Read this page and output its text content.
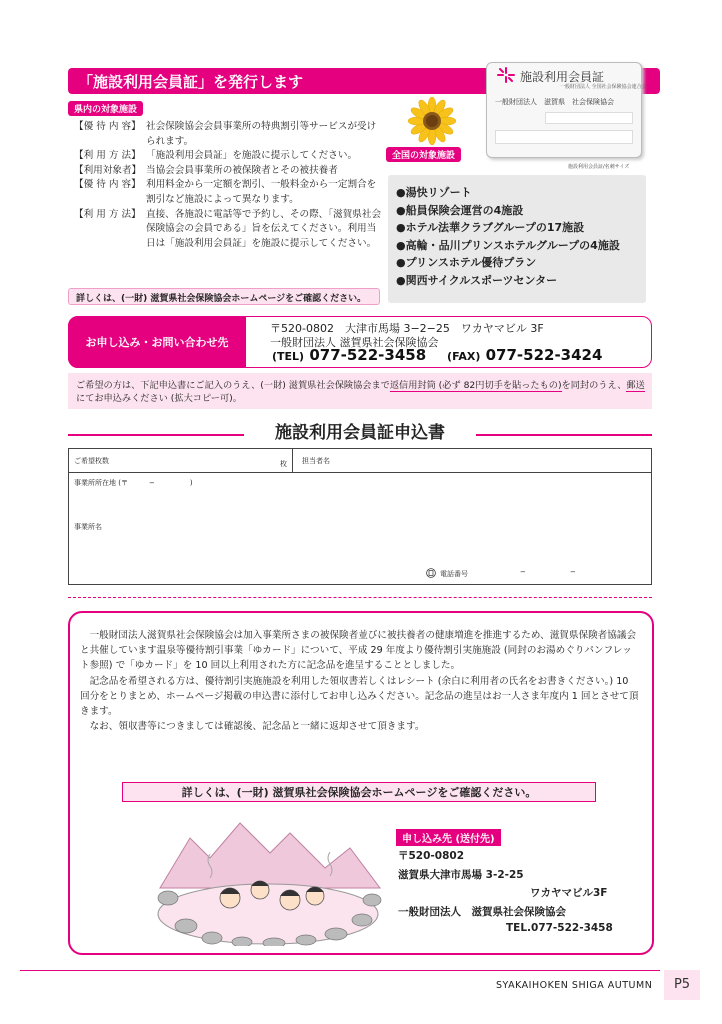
「施設利用会員証」を発行します
県内の対象施設
【優 待 内 容】 社会保険協会会員事業所の特典割引等サービスが受けられます。
【利 用 方 法】 「施設利用会員証」を施設に提示してください。
【利用対象者】 当協会会員事業所の被保険者とその被扶養者
【優 待 内 容】 利用料金から一定額を割引、一般料金から一定割合を割引など施設によって異なります。
【利 用 方 法】 直接、各施設に電話等で予約し、その際、「滋賀県社会保険協会の会員である」旨を伝えてください。利用当日は「施設利用会員証」を施設に提示してください。
詳しくは、(一財) 滋賀県社会保険協会ホームページをご確認ください。
施設利用会員証
一般財団法人 全国社会保険協会連合会
一般財団法人　滋賀県　社会保険協会
施設利用会員証/名刺サイズ
全国の対象施設
●湯快リゾート
●船員保険会運営の4施設
●ホテル法華クラブグループの17施設
●高輪・品川プリンスホテルグループの4施設
●プリンスホテル優待プラン
●関西サイクルスポーツセンター
お申し込み・お問い合わせ先
〒520-0802　大津市馬場 3−2−25　ワカヤマビル 3F
一般財団法人 滋賀県社会保険協会
(TEL) 077-522-3458 (FAX) 077-522-3424
ご希望の方は、下記申込書にご記入のうえ、(一財) 滋賀県社会保険協会まで返信用封筒 (必ず 82円切手を貼ったもの)を同封のうえ、郵送にてお申込みください (拡大コピー可)。
施設利用会員証申込書
ご希望枚数	枚 担当者名
事業所所在地 (〒　　　−　　　　　)
事業所名
電話番号	−	−

一般財団法人滋賀県社会保険協会は加入事業所さまの被保険者並びに被扶養者の健康増進を推進するため、滋賀県保険者協議会と共催しています温泉等優待割引事業「ゆカード」について、平成 29 年度より優待割引実施施設 (同封のお湯めぐりパンフレット参照) で「ゆカード」を 10 回以上利用された方に記念品を進呈することとしました。

記念品を希望される方は、優待割引実施施設を利用した領収書若しくはレシート (余白に利用者の氏名をお書きください。) 10 回分をとりまとめ、ホームページ掲載の申込書に添付してお申し込みください。記念品の進呈はお一人さま年度内 1 回とさせて頂きます。

なお、領収書等につきましては確認後、記念品と一緒に返却させて頂きます。

詳しくは、(一財) 滋賀県社会保険協会ホームページをご確認ください。
申し込み先 (送付先)
〒520-0802
滋賀県大津市馬場 3-2-25
ワカヤマビル3F
一般財団法人　滋賀県社会保険協会
TEL.077-522-3458
SYAKAIHOKEN SHIGA AUTUMN	P5
